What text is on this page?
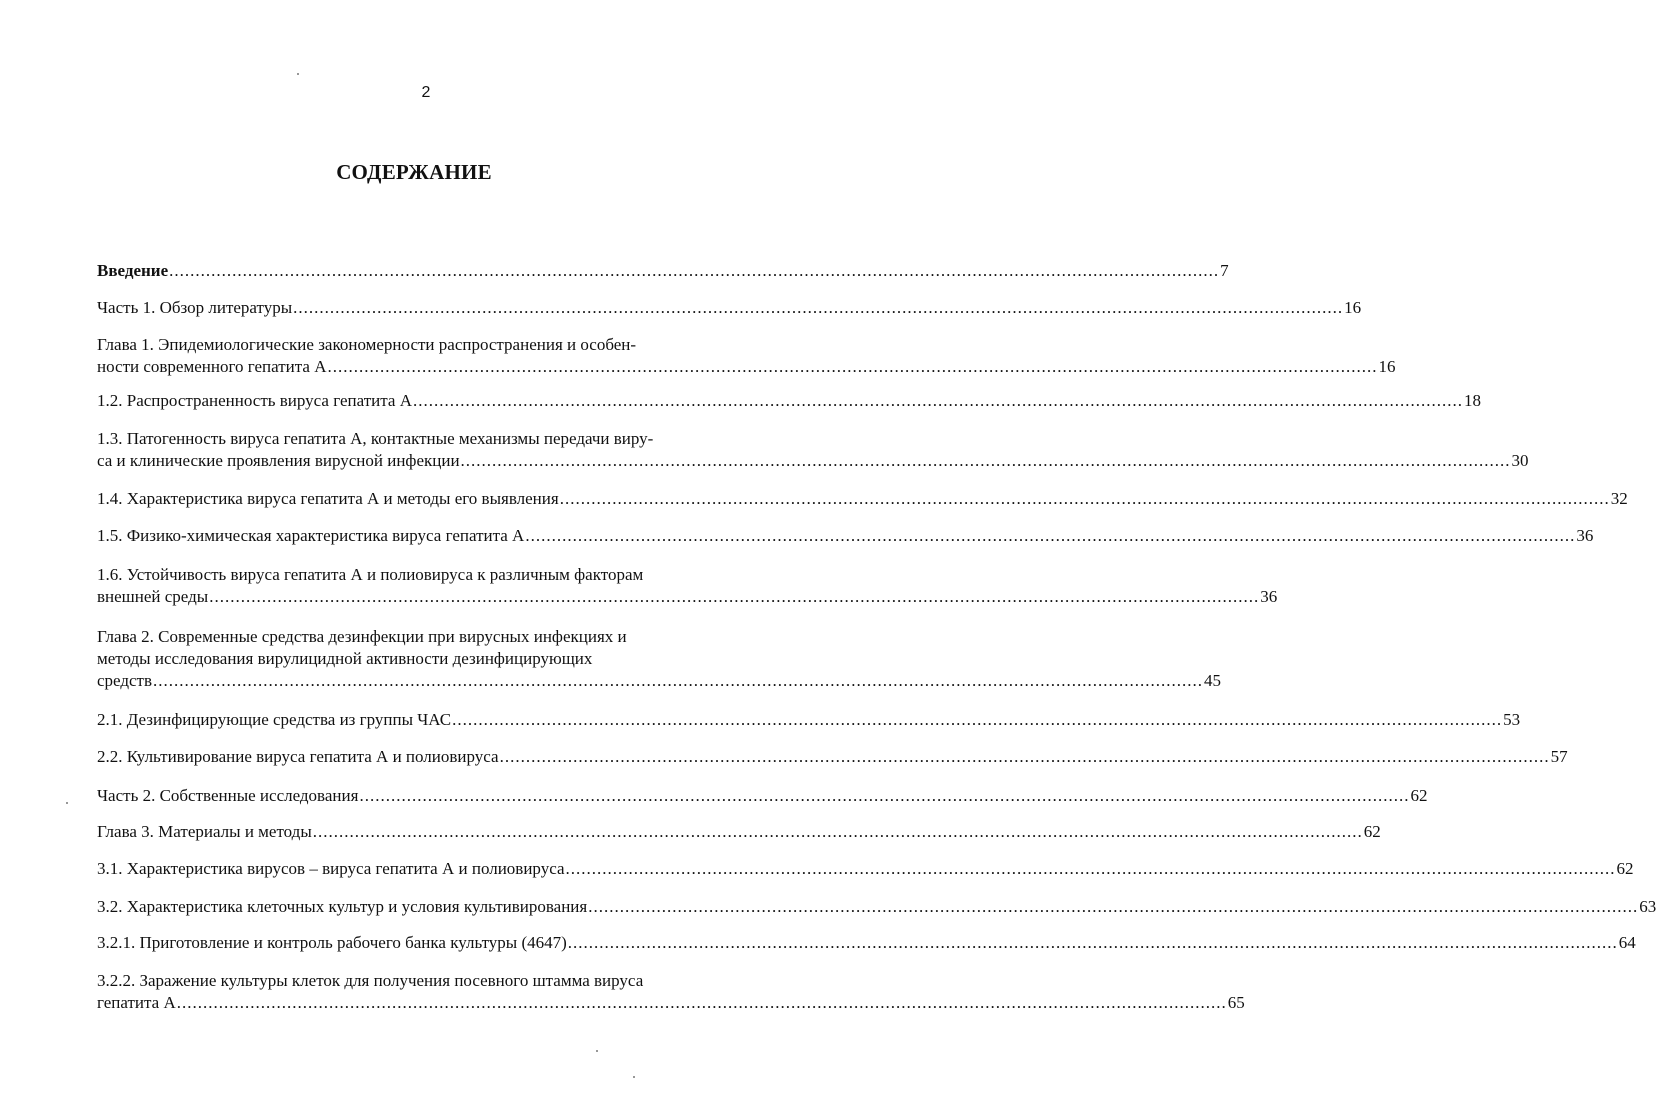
2
СОДЕРЖАНИЕ
Введение ........................................................................................................................................................................................................ 7
Часть 1. Обзор литературы ........................................................................................................................................................................................................ 16
Глава 1. Эпидемиологические закономерности распространения и особен-
ности современного гепатита А ........................................................................................................................................................................................................ 16
1.2. Распространенность вируса гепатита А ........................................................................................................................................................................................................ 18
1.3. Патогенность вируса гепатита А, контактные механизмы передачи виру-
са и клинические проявления вирусной инфекции ........................................................................................................................................................................................................ 30
1.4. Характеристика вируса гепатита А и методы его выявления ........................................................................................................................................................................................................ 32
1.5. Физико-химическая характеристика вируса гепатита А ........................................................................................................................................................................................................ 36
1.6. Устойчивость вируса гепатита А и полиовируса к различным факторам
внешней среды ........................................................................................................................................................................................................ 36
Глава 2. Современные средства дезинфекции при вирусных инфекциях и
методы исследования вирулицидной активности дезинфицирующих
средств ........................................................................................................................................................................................................ 45
2.1. Дезинфицирующие средства из группы ЧАС ........................................................................................................................................................................................................ 53
2.2. Культивирование вируса гепатита А и полиовируса ........................................................................................................................................................................................................ 57
Часть 2. Собственные исследования ........................................................................................................................................................................................................ 62
Глава 3. Материалы и методы ........................................................................................................................................................................................................ 62
3.1. Характеристика вирусов – вируса гепатита А и полиовируса ........................................................................................................................................................................................................ 62
3.2. Характеристика клеточных культур и условия культивирования ........................................................................................................................................................................................................ 63
3.2.1. Приготовление и контроль рабочего банка культуры (4647) ........................................................................................................................................................................................................ 64
3.2.2. Заражение культуры клеток для получения посевного штамма вируса
гепатита А ........................................................................................................................................................................................................ 65
